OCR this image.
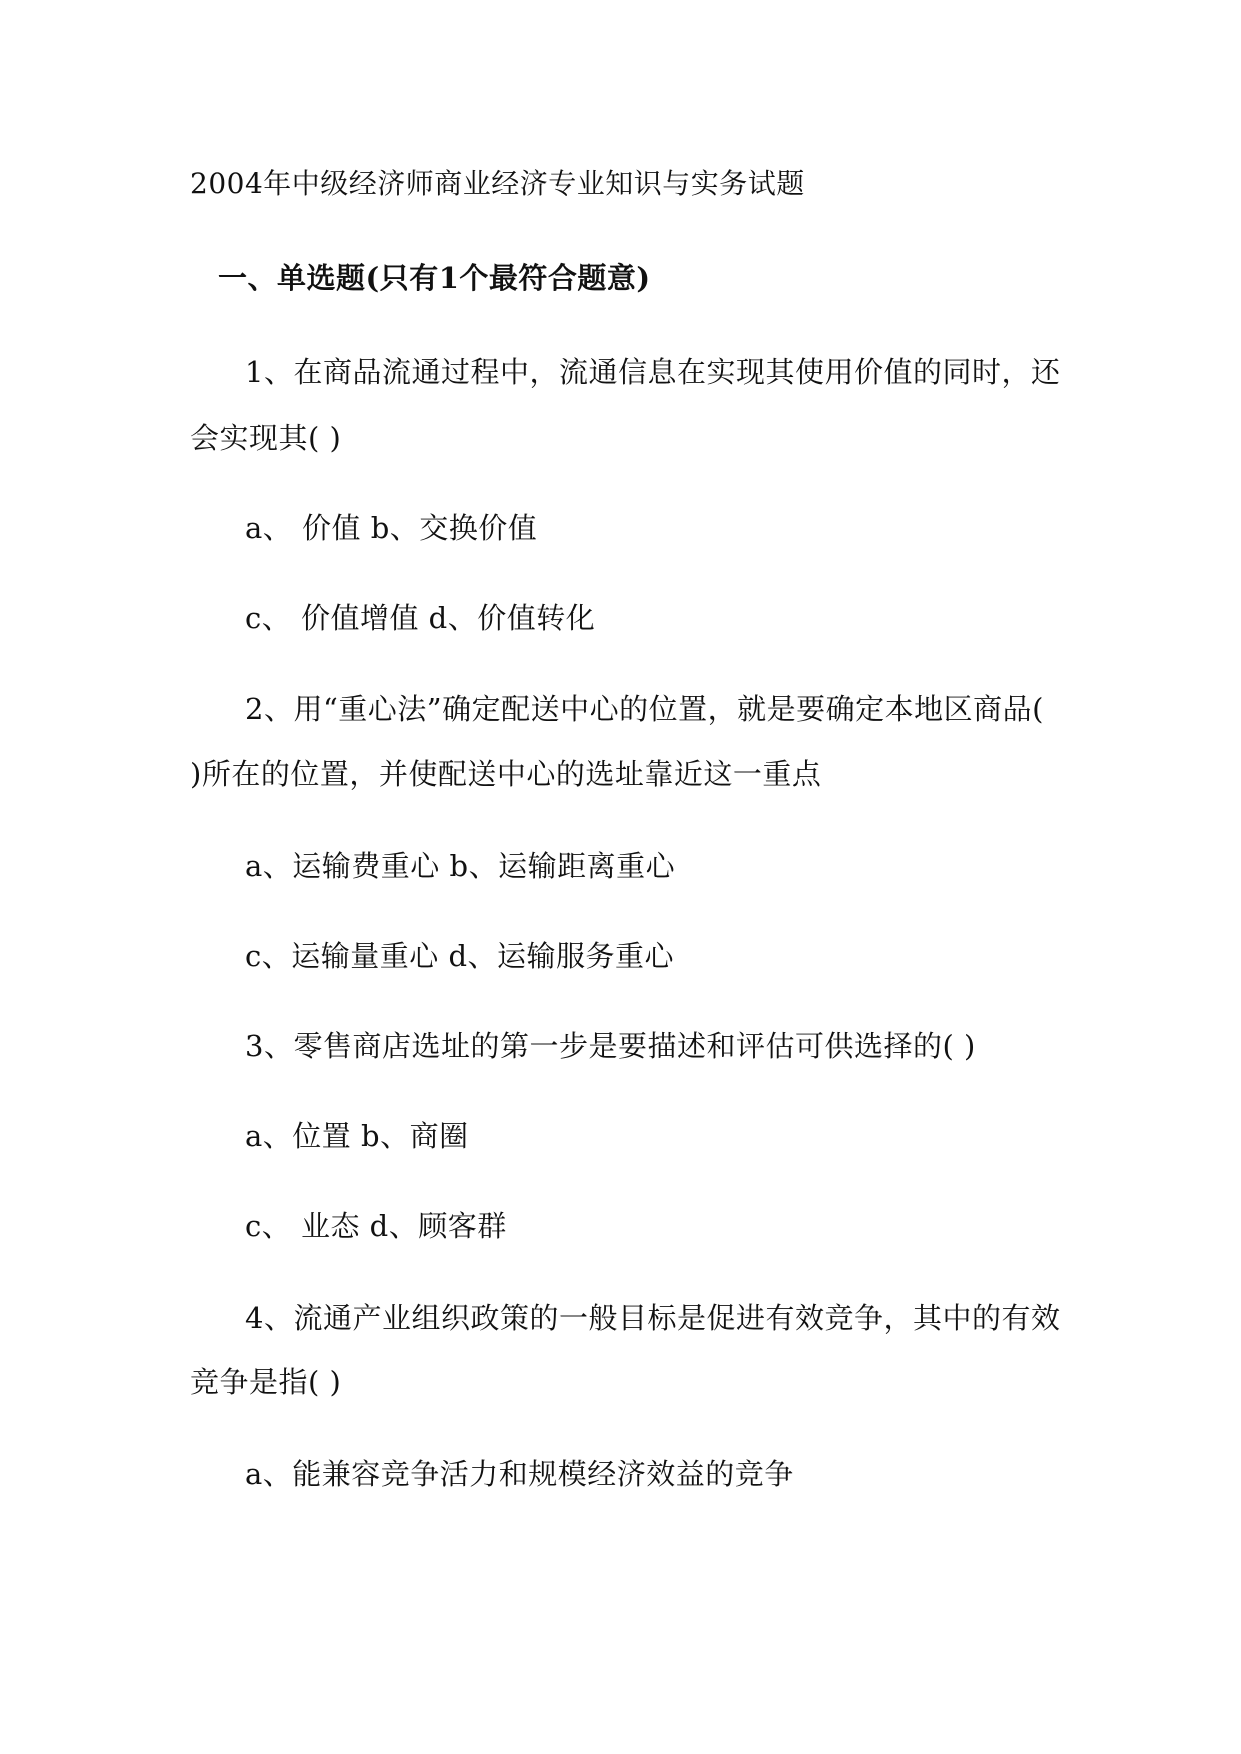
2004年中级经济师商业经济专业知识与实务试题

一、单选题(只有1个最符合题意)

1、在商品流通过程中，流通信息在实现其使用价值的同时，还

会实现其( )

a、 价值 b、交换价值

c、 价值增值 d、价值转化

2、用“重心法”确定配送中心的位置，就是要确定本地区商品(

)所在的位置，并使配送中心的选址靠近这一重点

a、运输费重心 b、运输距离重心

c、运输量重心 d、运输服务重心

3、零售商店选址的第一步是要描述和评估可供选择的( )

a、位置 b、商圈

c、 业态 d、顾客群

4、流通产业组织政策的一般目标是促进有效竞争，其中的有效

竞争是指( )

a、能兼容竞争活力和规模经济效益的竞争
